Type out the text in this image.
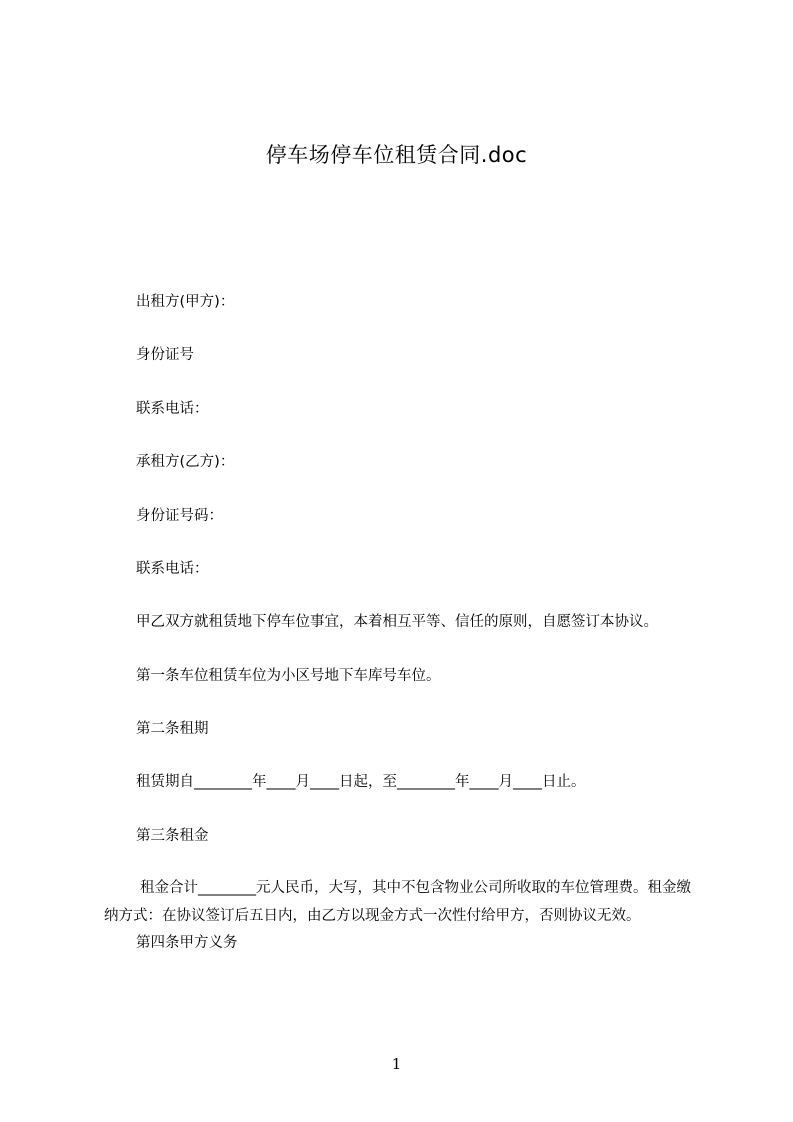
停车场停车位租赁合同.doc
出租方(甲方)：
身份证号
联系电话：
承租方(乙方)：
身份证号码：
联系电话：
甲乙双方就租赁地下停车位事宜，本着相互平等、信任的原则，自愿签订本协议。
第一条车位租赁车位为小区号地下车库号车位。
第二条租期
租赁期自________年____月____日起，至________年____月____日止。
第三条租金
租金合计________元人民币，大写，其中不包含物业公司所收取的车位管理费。租金缴纳方式：在协议签订后五日内，由乙方以现金方式一次性付给甲方，否则协议无效。
第四条甲方义务
1
